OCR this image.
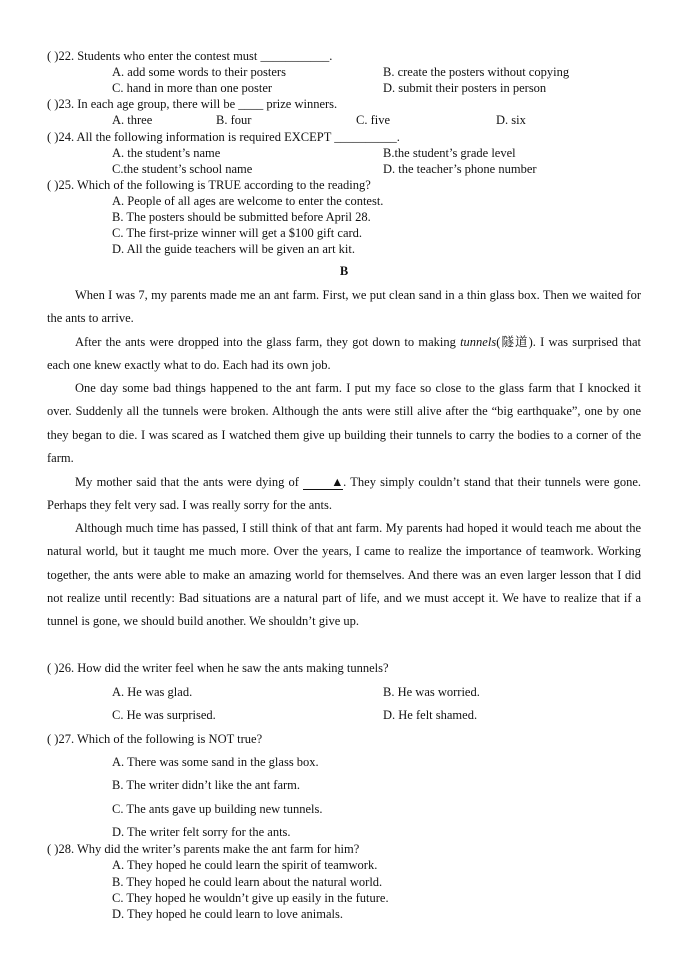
( )22. Students who enter the contest must ___________.
A. add some words to their posters	B. create the posters without copying
C. hand in more than one poster	D. submit their posters in person
( )23. In each age group, there will be ____ prize winners.
A. three	B. four	C. five	D. six
( )24. All the following information is required EXCEPT __________.
A. the student’s name	B.the student’s grade level
C.the student’s school name	D. the teacher’s phone number
( )25. Which of the following is TRUE according to the reading?
A. People of all ages are welcome to enter the contest.
B. The posters should be submitted before April 28.
C. The first-prize winner will get a $100 gift card.
D. All the guide teachers will be given an art kit.
B

When I was 7, my parents made me an ant farm. First, we put clean sand in a thin glass box. Then we waited for the ants to arrive.

After the ants were dropped into the glass farm, they got down to making tunnels(隧道). I was surprised that each one knew exactly what to do. Each had its own job.

One day some bad things happened to the ant farm. I put my face so close to the glass farm that I knocked it over. Suddenly all the tunnels were broken. Although the ants were still alive after the “big earthquake”, one by one they began to die. I was scared as I watched them give up building their tunnels to carry the bodies to a corner of the farm.

My mother said that the ants were dying of ▲. They simply couldn’t stand that their tunnels were gone. Perhaps they felt very sad. I was really sorry for the ants.

Although much time has passed, I still think of that ant farm. My parents had hoped it would teach me about the natural world, but it taught me much more. Over the years, I came to realize the importance of teamwork. Working together, the ants were able to make an amazing world for themselves. And there was an even larger lesson that I did not realize until recently: Bad situations are a natural part of life, and we must accept it. We have to realize that if a tunnel is gone, we should build another. We shouldn’t give up.

( )26. How did the writer feel when he saw the ants making tunnels?
A. He was glad.	B. He was worried.
C. He was surprised.	D. He felt shamed.
( )27. Which of the following is NOT true?
A. There was some sand in the glass box.
B. The writer didn’t like the ant farm.
C. The ants gave up building new tunnels.
D. The writer felt sorry for the ants.
( )28. Why did the writer’s parents make the ant farm for him?
A. They hoped he could learn the spirit of teamwork.
B. They hoped he could learn about the natural world.
C. They hoped he wouldn’t give up easily in the future.
D. They hoped he could learn to love animals.
